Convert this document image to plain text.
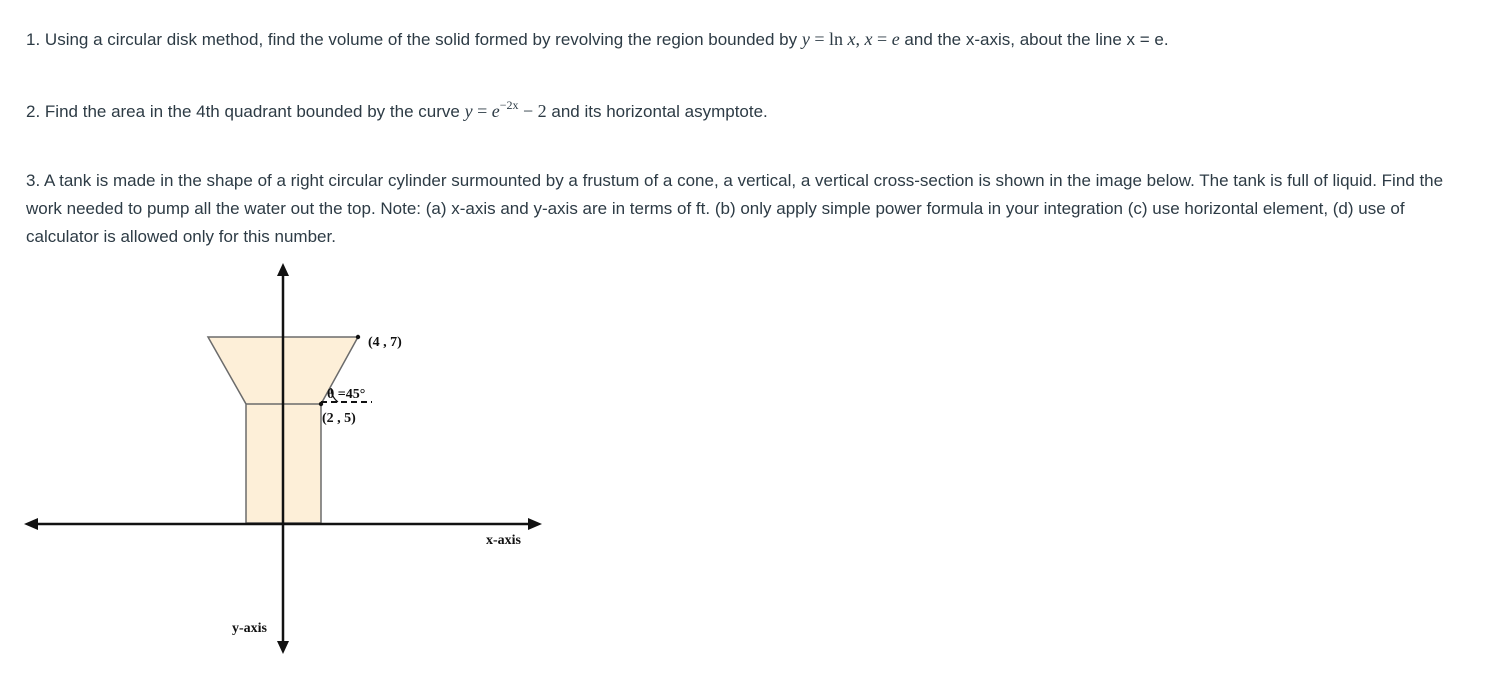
1. Using a circular disk method, find the volume of the solid formed by revolving the region bounded by y = ln x, x = e and the x-axis, about the line x = e.
2. Find the area in the 4th quadrant bounded by the curve $y = e^{-2x} - 2$ and its horizontal asymptote.
3. A tank is made in the shape of a right circular cylinder surmounted by a frustum of a cone, a vertical, a vertical cross-section is shown in the image below. The tank is full of liquid. Find the work needed to pump all the water out the top. Note: (a) x-axis and y-axis are in terms of ft. (b) only apply simple power formula in your integration (c) use horizontal element, (d) use of calculator is allowed only for this number.
(4 , 7)
θ =45°
(2 , 5)
x-axis
y-axis
